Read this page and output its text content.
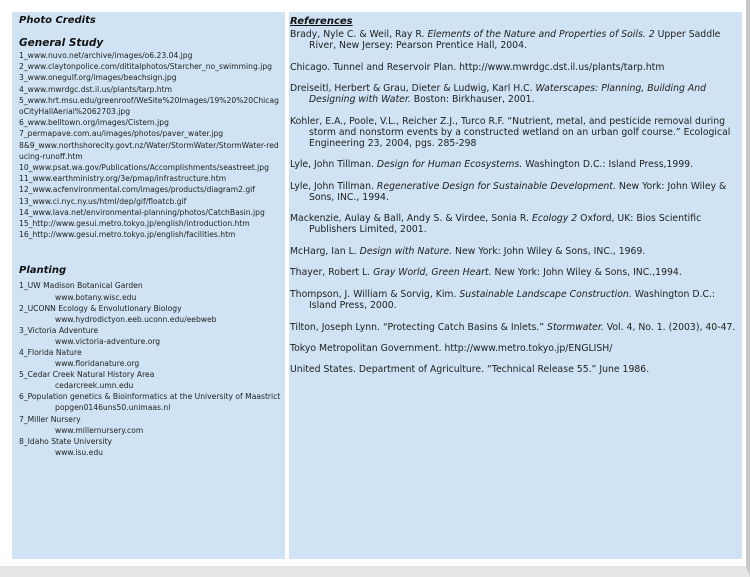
Photo Credits
General Study
1_www.nuvo.net/archive/images/o6.23.04.jpg
2_www.claytonpolice.com/dititalphotos/Starcher_no_swimming.jpg
3_www.onegulf.org/images/beachsign.jpg
4_www.mwrdgc.dst.il.us/plants/tarp.htm
5_www.hrt.msu.edu/greenroof/WeSite%20Images/19%20%20ChicagoCityHallAerial%2062703.jpg
6_www.belltown.org/images/Cistern.jpg
7_permapave.com.au/images/photos/paver_water.jpg
8&9_www.northshorecity.govt.nz/Water/StormWater/StormWater-reducing-runoff.htm
10_www.psat.wa.gov/Publications/Accomplishments/seastreet.jpg
11_www.earthministry.org/3e/pmap/infrastructure.htm
12_www.acfenvironmental.com/images/products/diagram2.gif
13_www.ci.nyc.ny.us/html/dep/gif/floatcb.gif
14_www.lava.net/environmental-planning/photos/CatchBasin.jpg
15_http://www.gesui.metro.tokyo.jp/english/introduction.htm
16_http://www.gesui.metro.tokyo.jp/english/facilities.htm
Planting
1_UW Madison Botanical Garden
www.botany.wisc.edu
2_UCONN Ecology & Envolutionary Biology
www.hydrodictyon.eeb.uconn.edu/eebweb
3_Victoria Adventure
www.victoria-adventure.org
4_Florida Nature
www.floridanature.org
5_Cedar Creek Natural History Area
cedarcreek.umn.edu
6_Population genetics & Bioinformatics at the University of Maastrict
popgen0146uns50.unimaas.nl
7_Miller Nursery
www.millernursery.com
8_Idaho State University
www.isu.edu
References
Brady, Nyle C. & Weil, Ray R. Elements of the Nature and Properties of Soils. 2 Upper Saddle River, New Jersey: Pearson Prentice Hall, 2004.
Chicago. Tunnel and Reservoir Plan. http://www.mwrdgc.dst.il.us/plants/tarp.htm
Dreiseitl, Herbert & Grau, Dieter & Ludwig, Karl H.C. Waterscapes: Planning, Building And Designing with Water. Boston: Birkhauser, 2001.
Kohler, E.A., Poole, V.L., Reicher Z.J., Turco R.F. “Nutrient, metal, and pesticide removal during storm and nonstorm events by a constructed wetland on an urban golf course.” Ecological Engineering 23, 2004, pgs. 285-298
Lyle, John Tillman. Design for Human Ecosystems. Washington D.C.: Island Press,1999.
Lyle, John Tillman. Regenerative Design for Sustainable Development. New York: John Wiley & Sons, INC., 1994.
Mackenzie, Aulay & Ball, Andy S. & Virdee, Sonia R. Ecology 2 Oxford, UK: Bios Scientific Publishers Limited, 2001.
McHarg, Ian L. Design with Nature. New York: John Wiley & Sons, INC., 1969.
Thayer, Robert L. Gray World, Green Heart. New York: John Wiley & Sons, INC.,1994.
Thompson, J. William & Sorvig, Kim. Sustainable Landscape Construction. Washington D.C.: Island Press, 2000.
Tilton, Joseph Lynn. “Protecting Catch Basins & Inlets.” Stormwater. Vol. 4, No. 1. (2003), 40-47.
Tokyo Metropolitan Government. http://www.metro.tokyo.jp/ENGLISH/
United States. Department of Agriculture. “Technical Release 55.” June 1986.
